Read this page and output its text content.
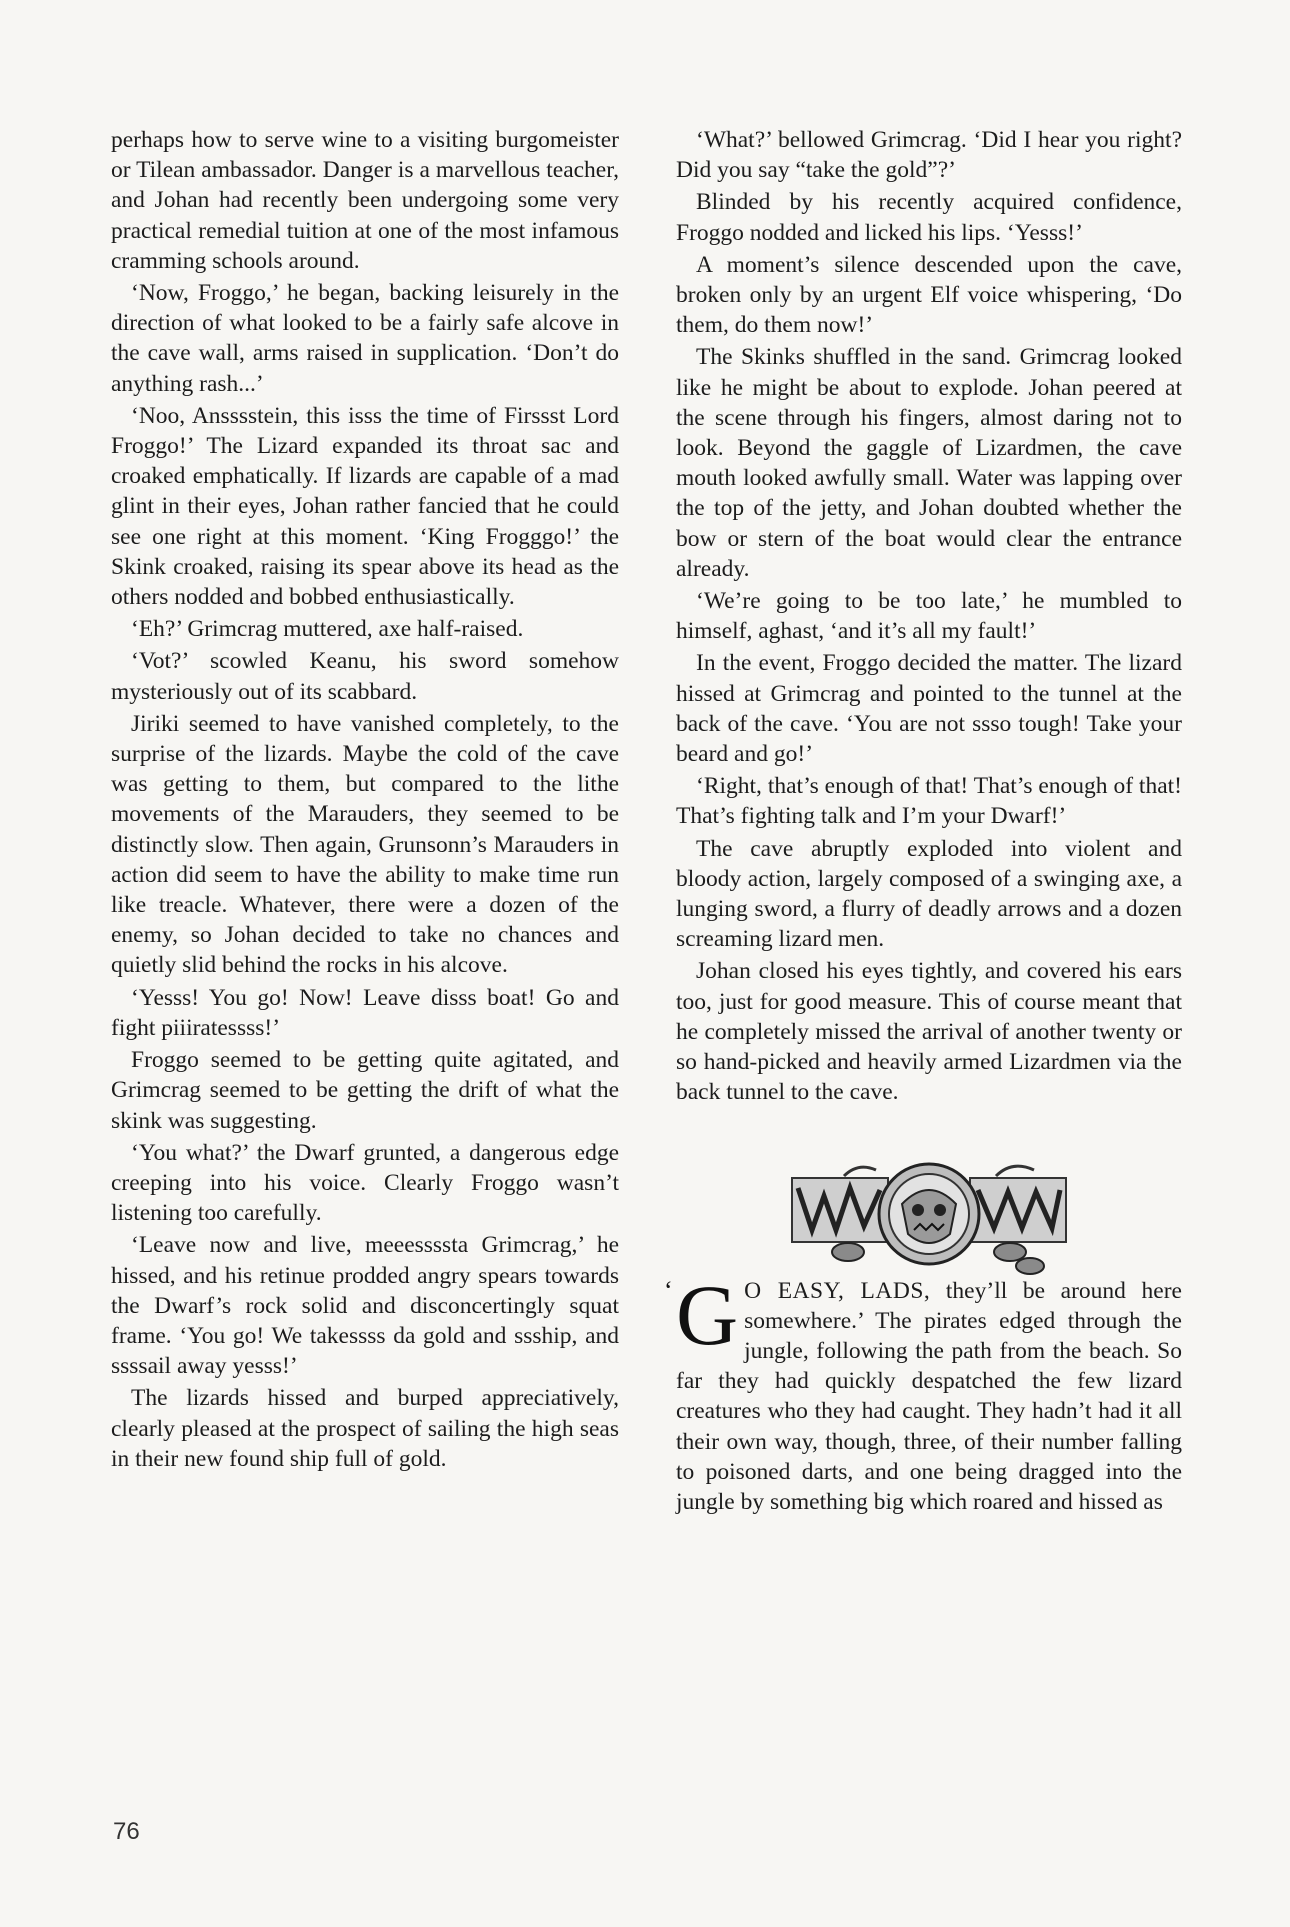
perhaps how to serve wine to a visiting burgomeister or Tilean ambassador. Danger is a marvellous teacher, and Johan had recently been undergoing some very practical remedial tuition at one of the most infamous cramming schools around.

‘Now, Froggo,’ he began, backing leisurely in the direction of what looked to be a fairly safe alcove in the cave wall, arms raised in supplication. ‘Don’t do anything rash...’

‘Noo, Ansssstein, this isss the time of Firssst Lord Froggo!’ The Lizard expanded its throat sac and croaked emphatically. If lizards are capable of a mad glint in their eyes, Johan rather fancied that he could see one right at this moment. ‘King Frogggo!’ the Skink croaked, raising its spear above its head as the others nodded and bobbed enthusiastically.

‘Eh?’ Grimcrag muttered, axe half-raised.

‘Vot?’ scowled Keanu, his sword somehow mysteriously out of its scabbard.

Jiriki seemed to have vanished completely, to the surprise of the lizards. Maybe the cold of the cave was getting to them, but compared to the lithe movements of the Marauders, they seemed to be distinctly slow. Then again, Grunsonn’s Marauders in action did seem to have the ability to make time run like treacle. Whatever, there were a dozen of the enemy, so Johan decided to take no chances and quietly slid behind the rocks in his alcove.

‘Yesss! You go! Now! Leave disss boat! Go and fight piiiratessss!’

Froggo seemed to be getting quite agitated, and Grimcrag seemed to be getting the drift of what the skink was suggesting.

‘You what?’ the Dwarf grunted, a dangerous edge creeping into his voice. Clearly Froggo wasn’t listening too carefully.

‘Leave now and live, meeessssta Grimcrag,’ he hissed, and his retinue prodded angry spears towards the Dwarf’s rock solid and disconcertingly squat frame. ‘You go! We takessss da gold and ssship, and ssssail away yesss!’

The lizards hissed and burped appreciatively, clearly pleased at the prospect of sailing the high seas in their new found ship full of gold.

‘What?’ bellowed Grimcrag. ‘Did I hear you right? Did you say “take the gold”?’

Blinded by his recently acquired confidence, Froggo nodded and licked his lips. ‘Yesss!’

A moment’s silence descended upon the cave, broken only by an urgent Elf voice whispering, ‘Do them, do them now!’

The Skinks shuffled in the sand. Grimcrag looked like he might be about to explode. Johan peered at the scene through his fingers, almost daring not to look. Beyond the gaggle of Lizardmen, the cave mouth looked awfully small. Water was lapping over the top of the jetty, and Johan doubted whether the bow or stern of the boat would clear the entrance already.

‘We’re going to be too late,’ he mumbled to himself, aghast, ‘and it’s all my fault!’

In the event, Froggo decided the matter. The lizard hissed at Grimcrag and pointed to the tunnel at the back of the cave. ‘You are not ssso tough! Take your beard and go!’

‘Right, that’s enough of that! That’s enough of that! That’s fighting talk and I’m your Dwarf!’

The cave abruptly exploded into violent and bloody action, largely composed of a swinging axe, a lunging sword, a flurry of deadly arrows and a dozen screaming lizard men.

Johan closed his eyes tightly, and covered his ears too, just for good measure. This of course meant that he completely missed the arrival of another twenty or so hand-picked and heavily armed Lizardmen via the back tunnel to the cave.

‘ G O EASY, LADS, they’ll be around here somewhere.’ The pirates edged through the jungle, following the path from the beach. So far they had quickly despatched the few lizard creatures who they had caught. They hadn’t had it all their own way, though, three, of their number falling to poisoned darts, and one being dragged into the jungle by something big which roared and hissed as

76
